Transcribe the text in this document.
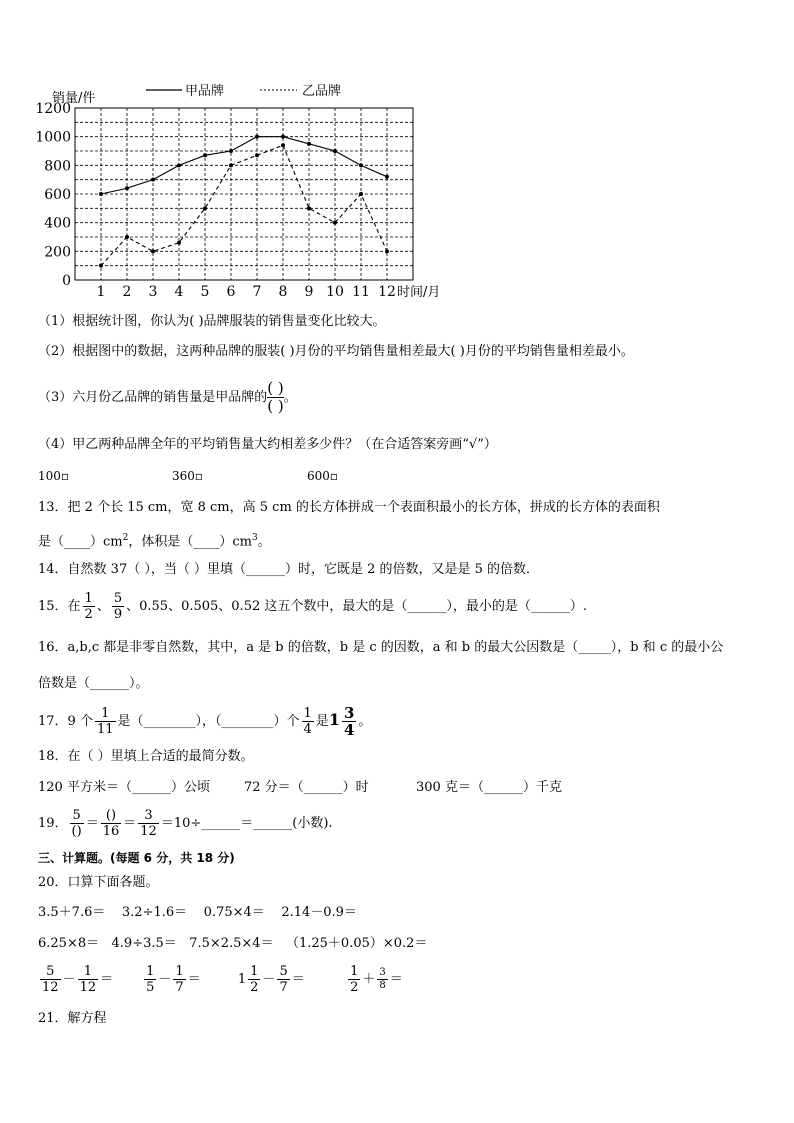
0
200
400
600
800
1000
1200
1 2 3 4 5 6 7 8 9 10 11 12 时间/月
销量/件	甲品牌	乙品牌
（1）根据统计图，你认为( )品牌服装的销售量变化比较大。
（2）根据图中的数据，这两种品牌的服装( )月份的平均销售量相差最大( )月份的平均销售量相差最小。
（3）六月份乙品牌的销售量是甲品牌的 $\frac{( )}{( )}$。
（4）甲乙两种品牌全年的平均销售量大约相差多少件？（在合适答案旁画“√”）
100▫	360▫	600▫
13．把 2 个长 15 cm，宽 8 cm，高 5 cm 的长方体拼成一个表面积最小的长方体，拼成的长方体的表面积
是$(\_\_\_\_)cm^2$，体积是$(\_\_\_\_)cm^3$。
14．自然数 37（ ），当（ ）里填（______）时，它既是 2 的倍数，又是是 5 的倍数．
15．在 $\frac{1}{2}$ 、 $\frac{5}{9}$ 、0.55、0.505、0.52 这五个数中，最大的是（______），最小的是（______）.
16．a,b,c 都是非零自然数，其中，a 是 b 的倍数，b 是 c 的因数，a 和 b 的最大公因数是（_____），b 和 c 的最小公
倍数是（______）。
17．9 个 $\frac{1}{11}$ 是（________），（________）个 $\frac{1}{4}$ 是$1 \frac{3}{4}$ 。
18．在（ ）里填上合适的最简分数。
120 平方米＝（______）公顷	72 分＝（______）时	300 克＝（______）千克
19． $\frac{5}{()} = \frac{()}{16} = \frac{3}{12}$ ＝10÷______＝______(小数).
三、计算题。(每题 6 分，共 18 分)
20．口算下面各题。
3.5＋7.6＝ 3.2÷1.6＝ 0.75×4＝ 2.14－0.9＝
6.25×8＝ 4.9÷3.5＝ 7.5×2.5×4＝ （1.25＋0.05）×0.2＝
$\frac{5}{12} - \frac{1}{12} = \frac{1}{5} - \frac{1}{7}$ ＝	$1 \frac{1}{2} - \frac{5}{7}$ ＝	$\frac{1}{2} + \frac{3}{8}$ ＝
21．解方程
